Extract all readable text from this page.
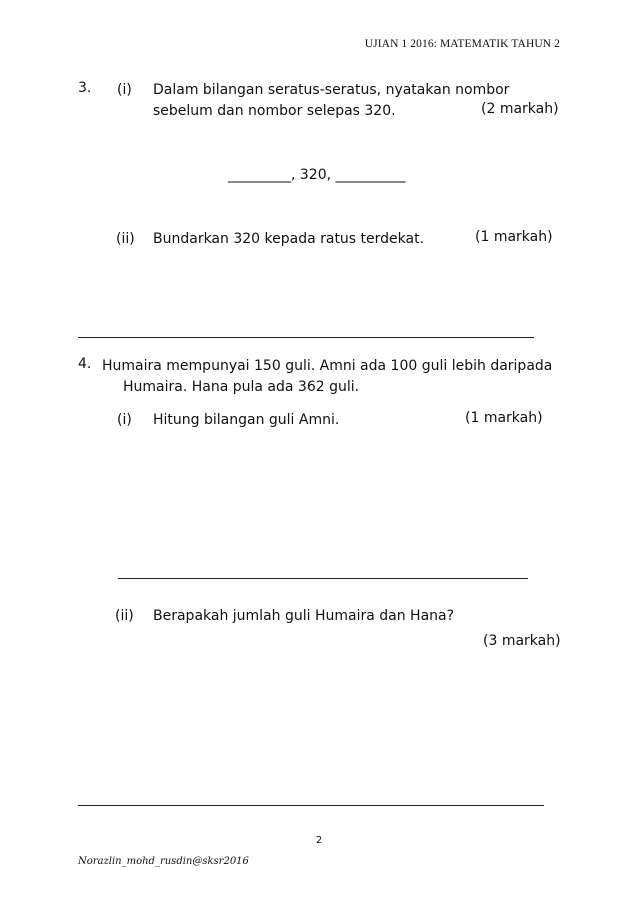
UJIAN 1 2016: MATEMATIK TAHUN 2
3. (i) Dalam bilangan seratus-seratus, nyatakan nombor
sebelum dan nombor selepas 320.	(2 markah)
_________, 320, __________
(ii) Bundarkan 320 kepada ratus terdekat.	(1 markah)
4. Humaira mempunyai 150 guli. Amni ada 100 guli lebih daripada
Humaira. Hana pula ada 362 guli.
(i) Hitung bilangan guli Amni.	(1 markah)
(ii) Berapakah jumlah guli Humaira dan Hana?
(3 markah)
2
Norazlin_mohd_rusdin@sksr2016
